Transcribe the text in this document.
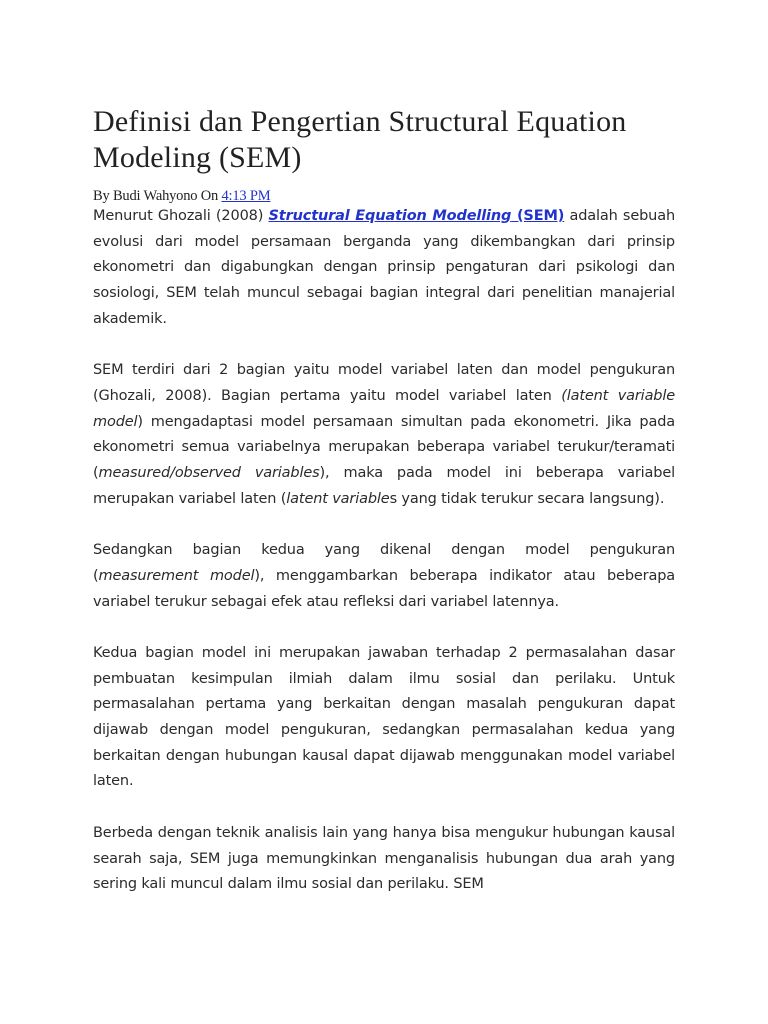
Definisi dan Pengertian Structural Equation Modeling (SEM)
By Budi Wahyono On 4:13 PM

Menurut Ghozali (2008) Structural Equation Modelling (SEM) adalah sebuah evolusi dari model persamaan berganda yang dikembangkan dari prinsip ekonometri dan digabungkan dengan prinsip pengaturan dari psikologi dan sosiologi, SEM telah muncul sebagai bagian integral dari penelitian manajerial akademik.

SEM terdiri dari 2 bagian yaitu model variabel laten dan model pengukuran (Ghozali, 2008). Bagian pertama yaitu model variabel laten (latent variable model) mengadaptasi model persamaan simultan pada ekonometri. Jika pada ekonometri semua variabelnya merupakan beberapa variabel terukur/teramati (measured/observed variables), maka pada model ini beberapa variabel merupakan variabel laten (latent variables yang tidak terukur secara langsung).

Sedangkan bagian kedua yang dikenal dengan model pengukuran (measurement model), menggambarkan beberapa indikator atau beberapa variabel terukur sebagai efek atau refleksi dari variabel latennya.

Kedua bagian model ini merupakan jawaban terhadap 2 permasalahan dasar pembuatan kesimpulan ilmiah dalam ilmu sosial dan perilaku. Untuk permasalahan pertama yang berkaitan dengan masalah pengukuran dapat dijawab dengan model pengukuran, sedangkan permasalahan kedua yang berkaitan dengan hubungan kausal dapat dijawab menggunakan model variabel laten.

Berbeda dengan teknik analisis lain yang hanya bisa mengukur hubungan kausal searah saja, SEM juga memungkinkan menganalisis hubungan dua arah yang sering kali muncul dalam ilmu sosial dan perilaku. SEM
